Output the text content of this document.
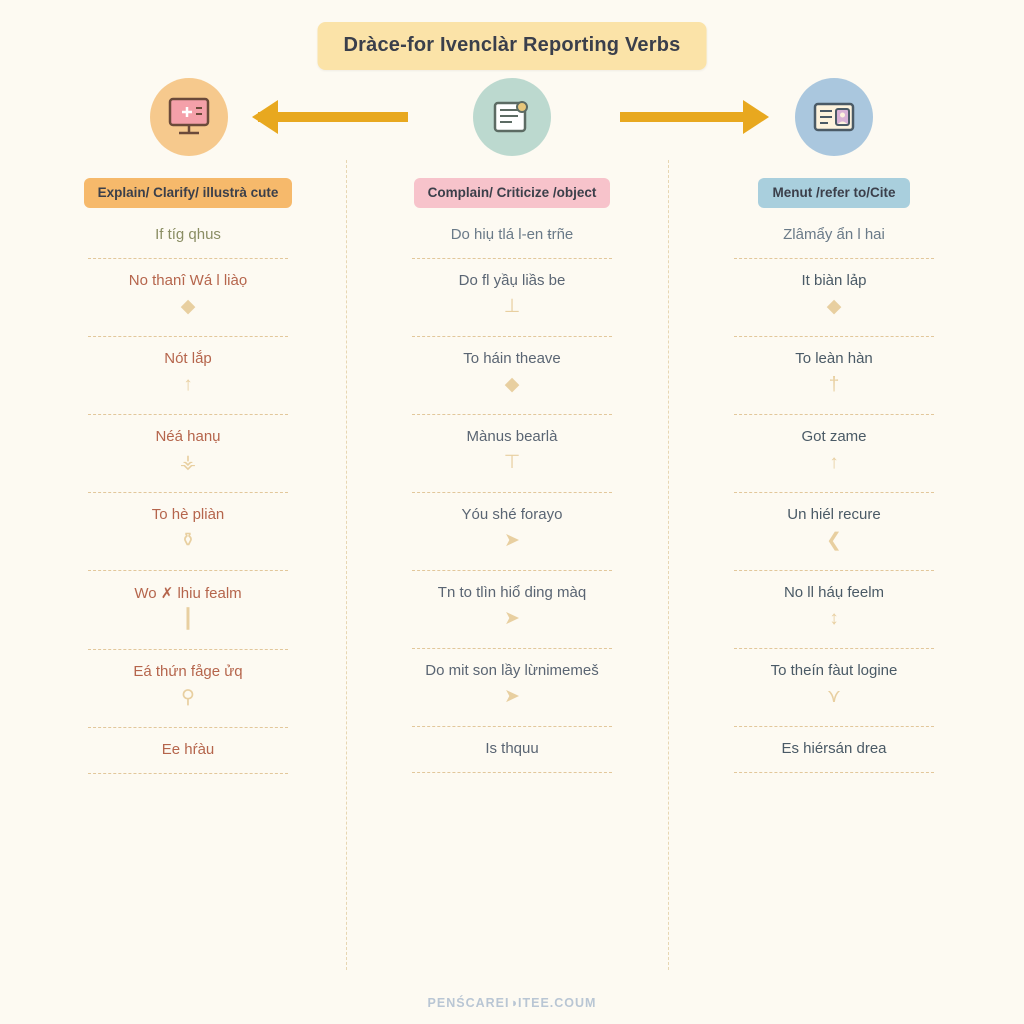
Dràce-for Ivenclàr Reporting Verbs
Explain/ Clarify/ illustrà cute
If tíg qhus
No thanî Wá l liàọ
◆
Nót lắp
↑
Néá hanụ
⚶
To hè pliàn
⚱
Wo ✗ lhiu fealm
┃
Eá thứn fåge ửq
⚲
Ee hŕàu
Complain/ Criticize /object
Do hiụ tlá l-en ŧrñe
Do fl yầụ liầs be
⊥
To háin theave
◆
Mànus bearlà
⊤
Yóu shé forayo
➤
Tn to tlìn hiổ ding màq
➤
Do mit son lầy lừnimemeš
➤
Is thquu
Menut /refer to/Cite
Zlâmẩy ẩn l hai
It biàn lảp
◆
To leàn hàn
†
Got zame
↑
Un hiél recure
❮
No ll háụ feelm
↕
To theín fàut logine
⋎
Es hiérsán drea
PENŚCAREI◑ITEE.COUM
